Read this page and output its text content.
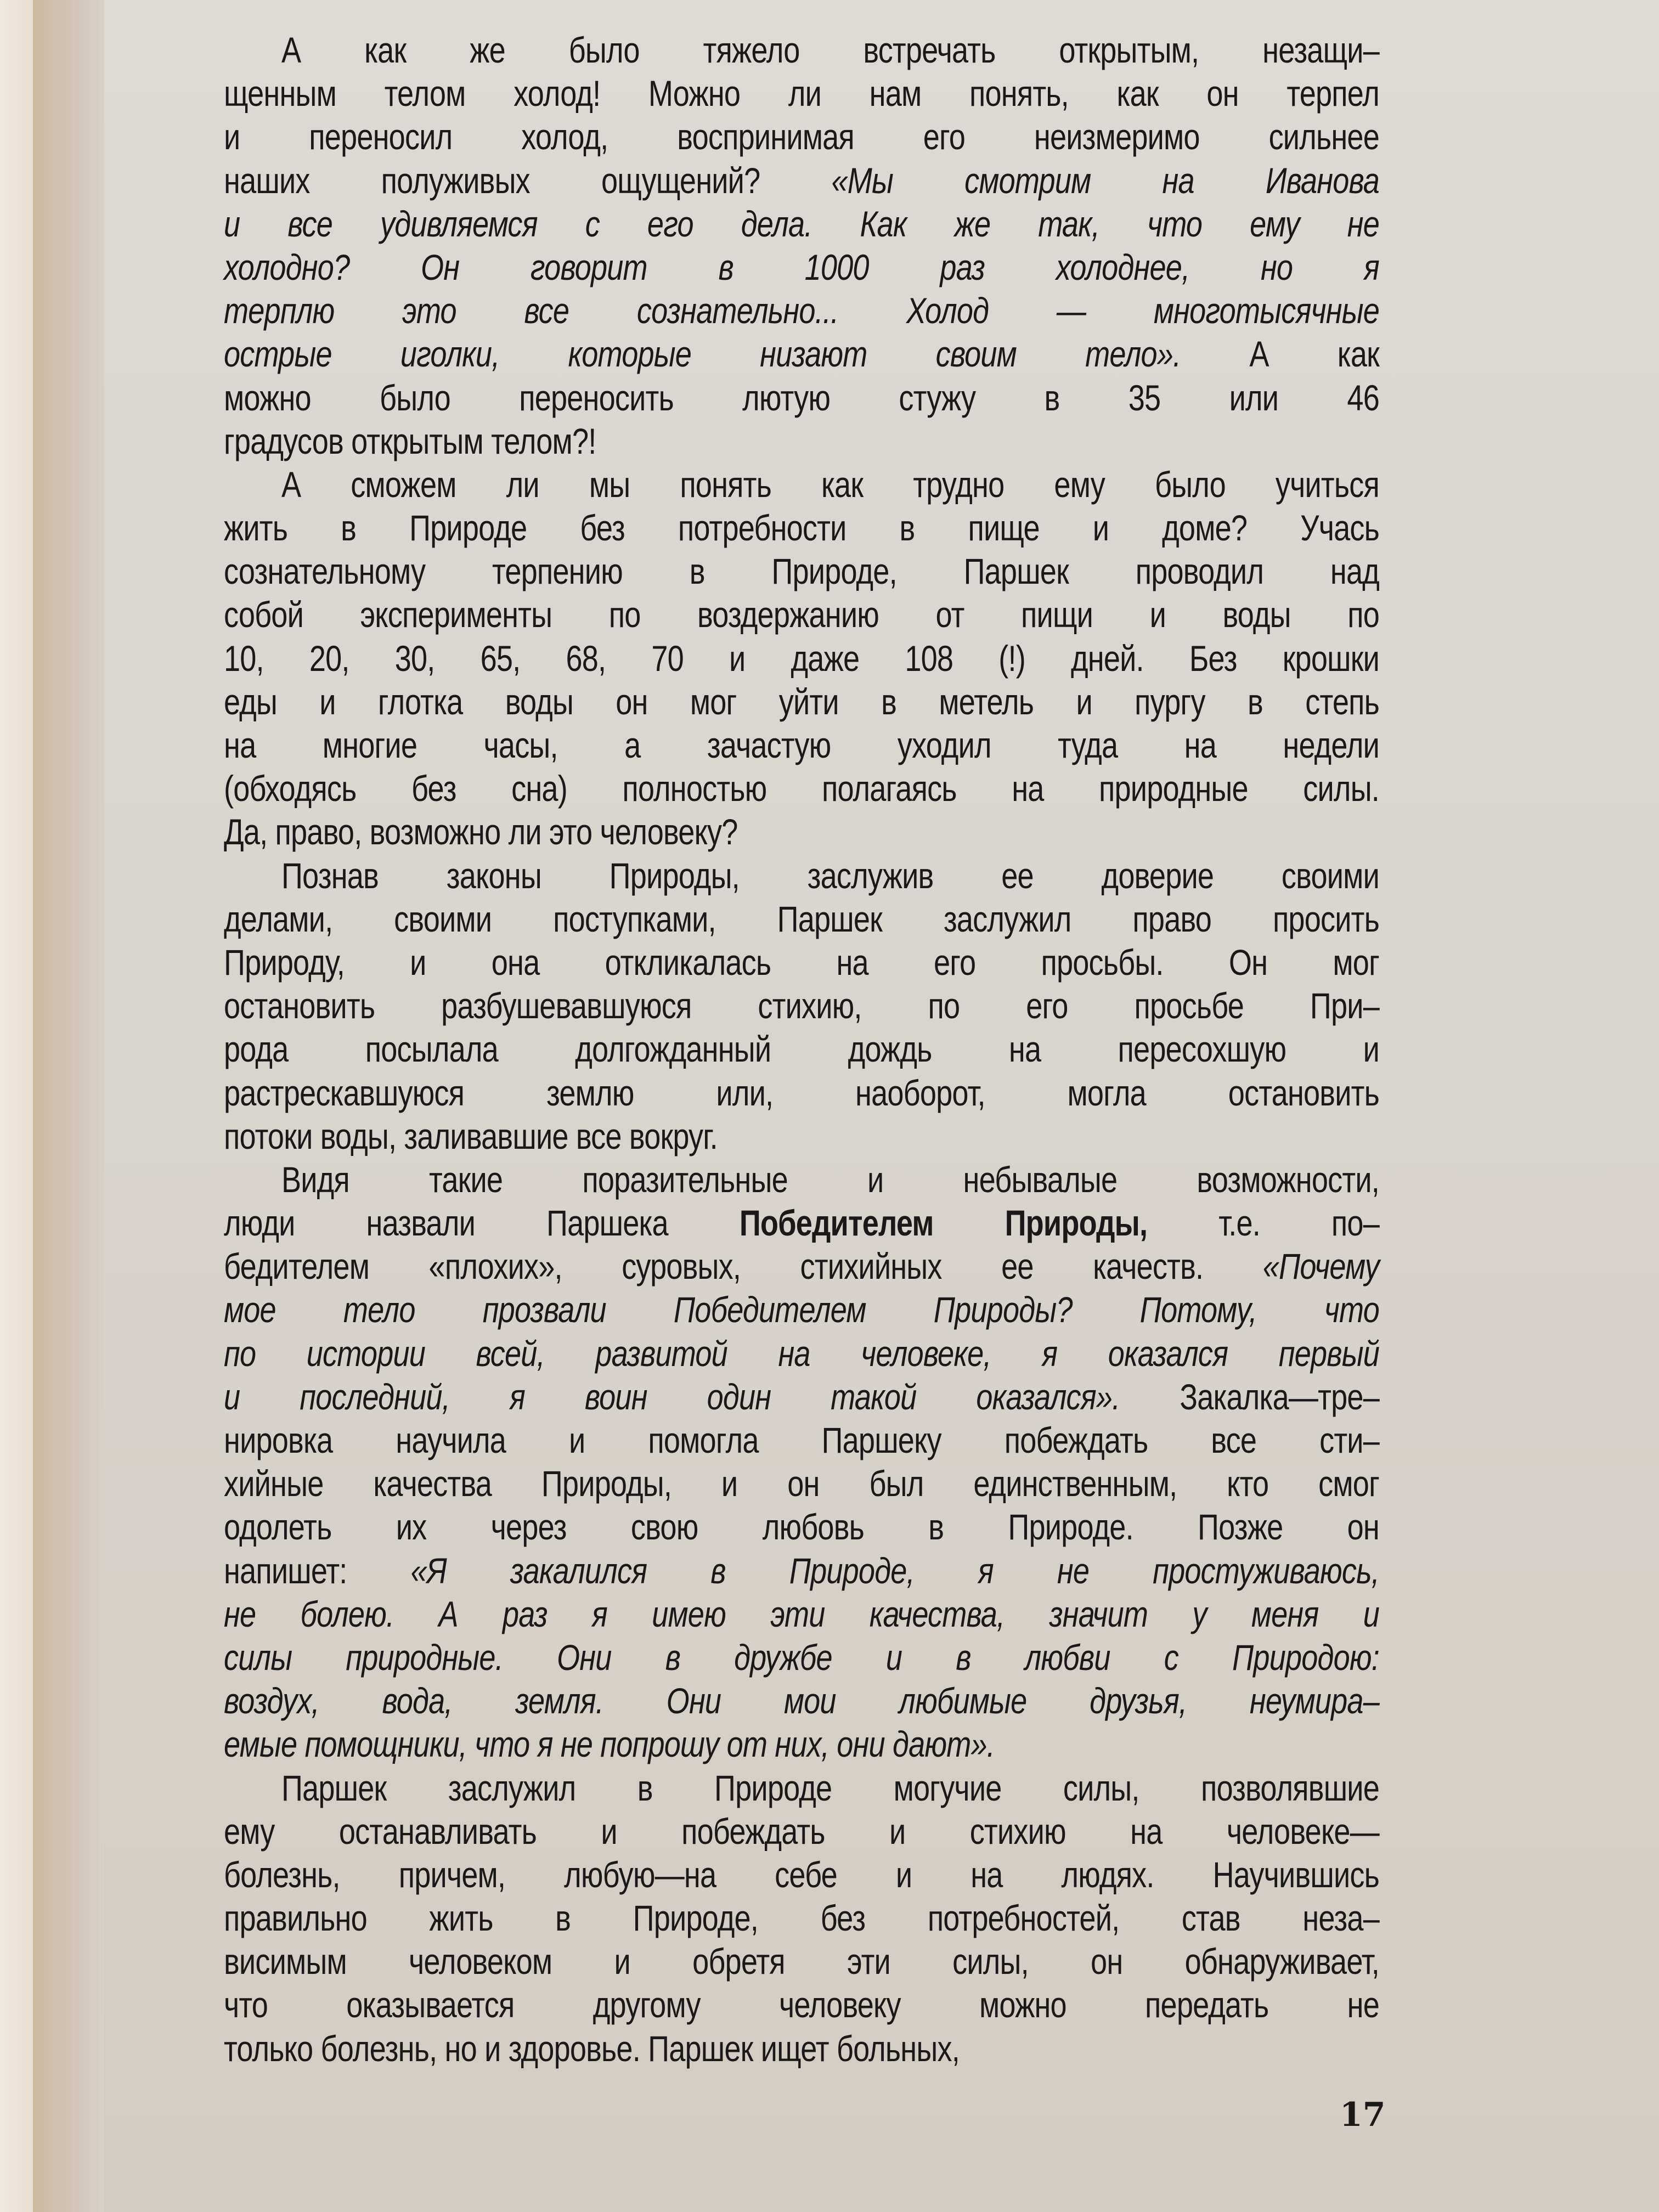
А как же было тяжело встречать открытым, незащи–
щенным телом холод! Можно ли нам понять, как он терпел
и переносил холод, воспринимая его неизмеримо сильнее
наших полуживых ощущений? «Мы смотрим на Иванова
и все удивляемся с его дела. Как же так, что ему не
холодно? Он говорит в 1000 раз холоднее, но я
терплю это все сознательно... Холод — многотысячные
острые иголки, которые низают своим тело». А как
можно было переносить лютую стужу в 35 или 46
градусов открытым телом?!
А сможем ли мы понять как трудно ему было учиться
жить в Природе без потребности в пище и доме? Учась
сознательному терпению в Природе, Паршек проводил над
собой эксперименты по воздержанию от пищи и воды по
10, 20, 30, 65, 68, 70 и даже 108 (!) дней. Без крошки
еды и глотка воды он мог уйти в метель и пургу в степь
на многие часы, а зачастую уходил туда на недели
(обходясь без сна) полностью полагаясь на природные силы.
Да, право, возможно ли это человеку?
Познав законы Природы, заслужив ее доверие своими
делами, своими поступками, Паршек заслужил право просить
Природу, и она откликалась на его просьбы. Он мог
остановить разбушевавшуюся стихию, по его просьбе При–
рода посылала долгожданный дождь на пересохшую и
растрескавшуюся землю или, наоборот, могла остановить
потоки воды, заливавшие все вокруг.
Видя такие поразительные и небывалые возможности,
люди назвали Паршека Победителем Природы, т.е. по–
бедителем «плохих», суровых, стихийных ее качеств. «Почему
мое тело прозвали Победителем Природы? Потому, что
по истории всей, развитой на человеке, я оказался первый
и последний, я воин один такой оказался». Закалка—тре–
нировка научила и помогла Паршеку побеждать все сти–
хийные качества Природы, и он был единственным, кто смог
одолеть их через свою любовь в Природе. Позже он
напишет: «Я закалился в Природе, я не простуживаюсь,
не болею. А раз я имею эти качества, значит у меня и
силы природные. Они в дружбе и в любви с Природою:
воздух, вода, земля. Они мои любимые друзья, неумира–
емые помощники, что я не попрошу от них, они дают».
Паршек заслужил в Природе могучие силы, позволявшие
ему останавливать и побеждать и стихию на человеке—
болезнь, причем, любую—на себе и на людях. Научившись
правильно жить в Природе, без потребностей, став неза–
висимым человеком и обретя эти силы, он обнаруживает,
что оказывается другому человеку можно передать не
только болезнь, но и здоровье. Паршек ищет больных,
17
